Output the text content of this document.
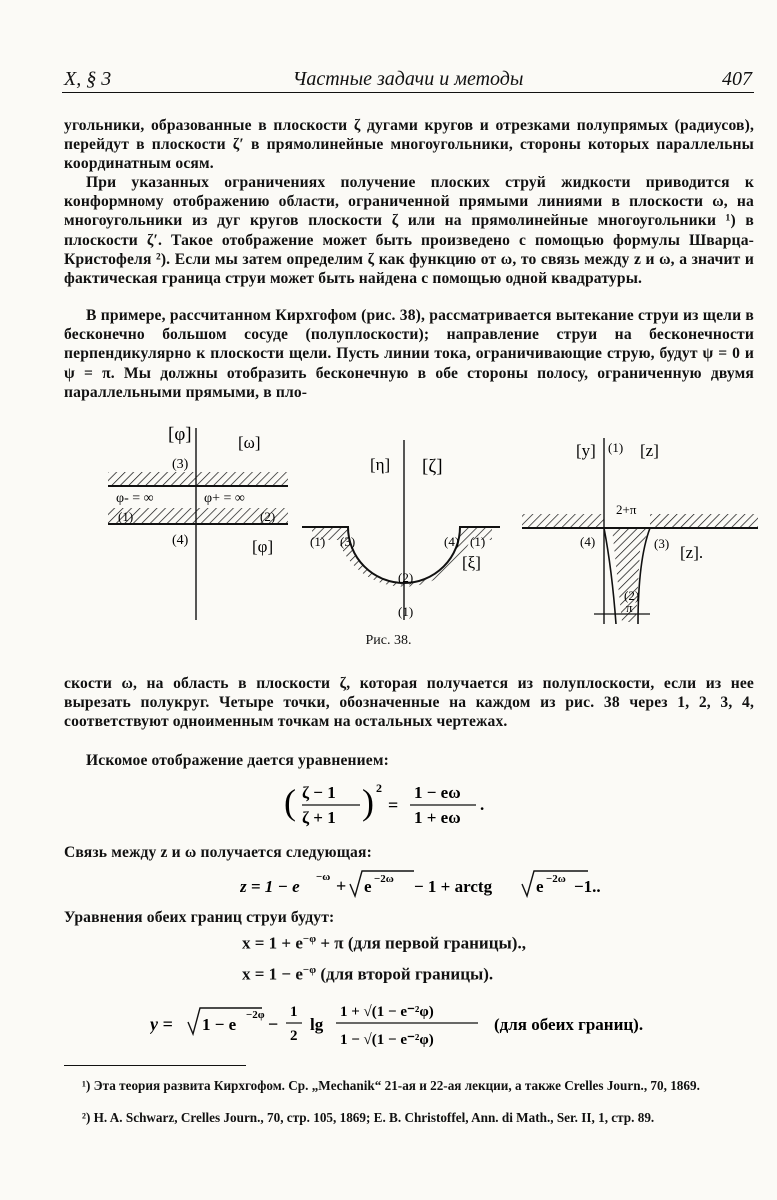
X, § 3	Частные задачи и методы	407
угольники, образованные в плоскости ζ дугами кругов и отрезками полупрямых (радиусов), перейдут в плоскости ζ′ в прямолинейные многоугольники, стороны которых параллельны координатным осям.
При указанных ограничениях получение плоских струй жидкости приводится к конформному отображению области, ограниченной прямыми линиями в плоскости ω, на многоугольники из дуг кругов плоскости ζ или на прямолинейные многоугольники ¹) в плоскости ζ′. Такое отображение может быть произведено с помощью формулы Шварца-Кристофеля ²). Если мы затем определим ζ как функцию от ω, то связь между z и ω, а значит и фактическая граница струи может быть найдена с помощью одной квадратуры.
В примере, рассчитанном Кирхгофом (рис. 38), рассматривается вытекание струи из щели в бесконечно большом сосуде (полуплоскости); направление струи на бесконечности перпендикулярно к плоскости щели. Пусть линии тока, ограничивающие струю, будут ψ = 0 и ψ = π. Мы должны отобразить бесконечную в обе стороны полосу, ограниченную двумя параллельными прямыми, в пло-
[φ]	[ω]
(3)
φ- = ∞	φ+ = ∞
(1)	(2)
(4)	[φ]
[η] [ζ]
(1) (3)	(4) (1)
[ξ]
(2)
(1)
[y] (1) [z]
2+π
(4)	(3) [z].
(2)
π
Рис. 38.
скости ω, на область в плоскости ζ, которая получается из полуплоскости, если из нее вырезать полукруг. Четыре точки, обозначенные на каждом из рис. 38 через 1, 2, 3, 4, соответствуют одноименным точкам на остальных чертежах.
Искомое отображение дается уравнением:
( ζ − 1
ζ + 1 ) 2
=
1 − eω
1 + eω
.
Связь между z и ω получается следующая:
z = 1 − e −ω + e −2ω − 1 + arctg	e −2ω −1..
Уравнения обеих границ струи будут:
$x = 1 + e^{-\varphi} + \pi$ (для первой границы).,
$x = 1 - e^{-\varphi}$ (для второй границы).
y = 1 − e −2φ −
1
2
lg
1 + √(1 − e⁻²φ)
1 − √(1 − e⁻²φ)
(для обеих границ).
¹) Эта теория развита Кирхгофом. Ср. „Mechanik“ 21-ая и 22-ая лекции, а также Crelles Journ., 70, 1869.
²) H. A. Schwarz, Crelles Journ., 70, стр. 105, 1869; E. B. Christoffel, Ann. di Math., Ser. II, 1, стр. 89.
